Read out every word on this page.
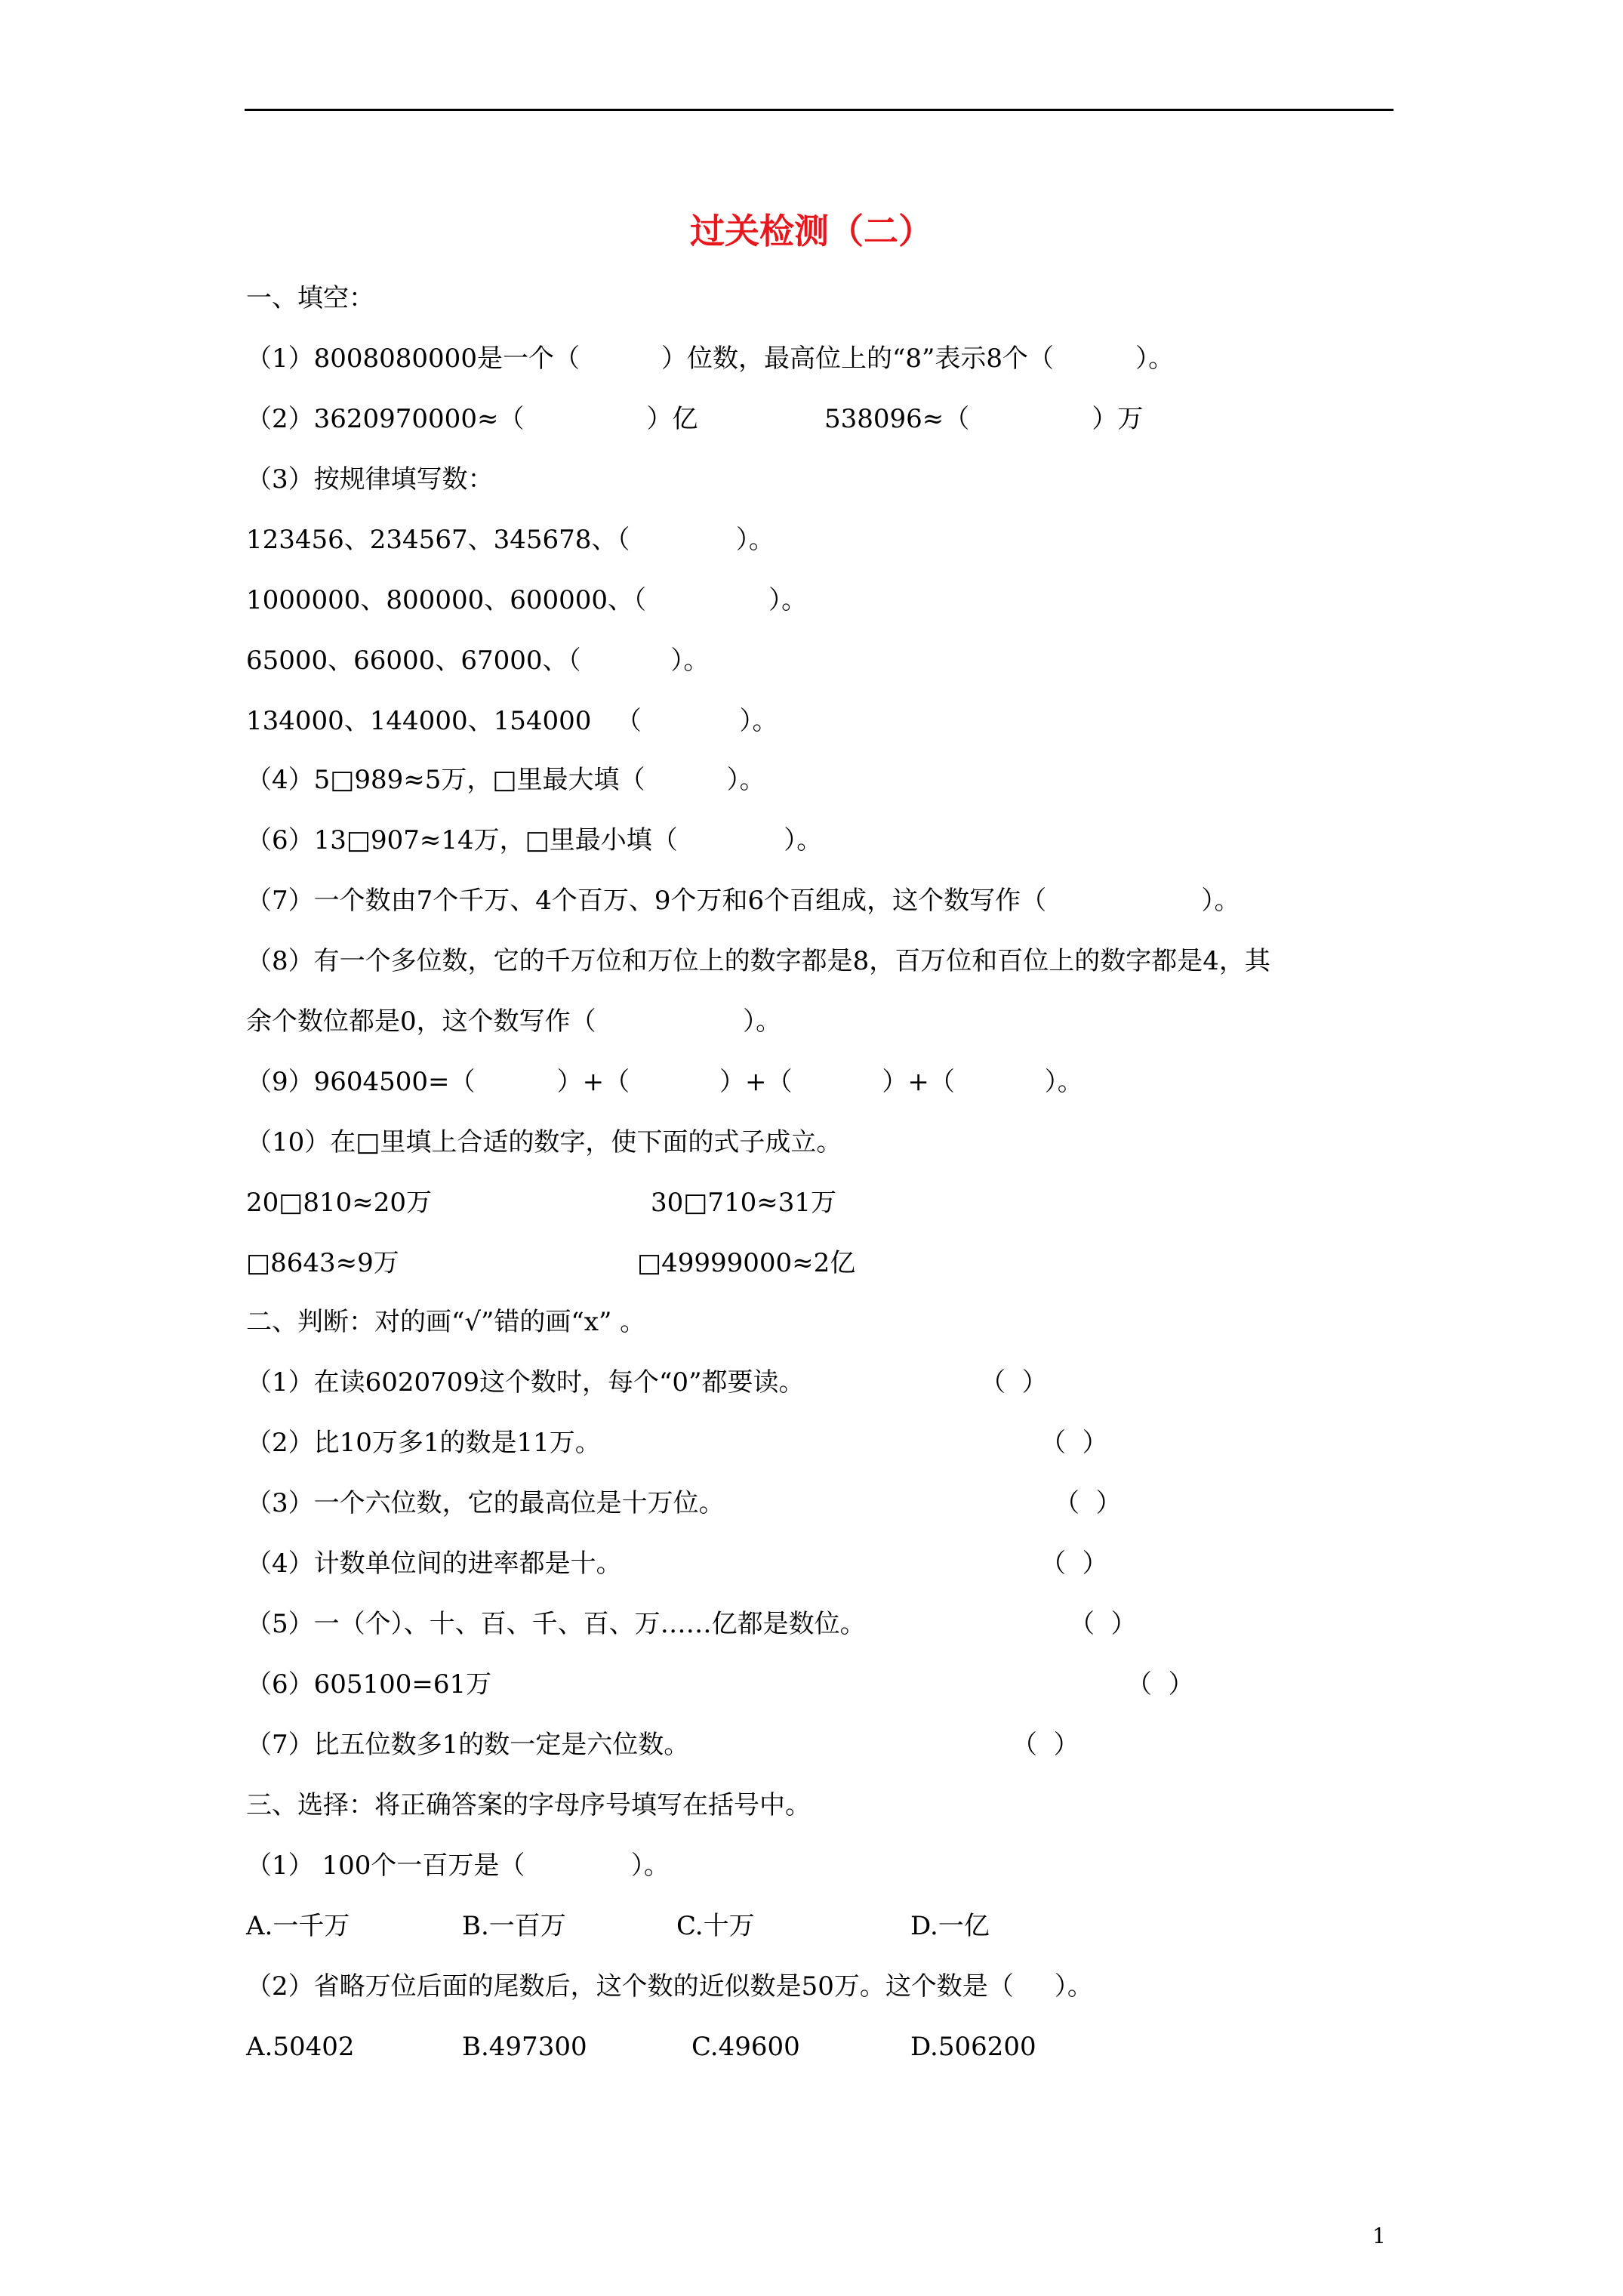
过关检测（二）
一、填空：
（1）8008080000是一个（          ）位数，最高位上的“8”表示8个（          ）。
（2）3620970000≈（               ）亿	538096≈（               ）万
（3）按规律填写数：
123456、234567、345678、（             ）。
1000000、800000、600000、（               ）。
65000、66000、67000、（           ）。
134000、144000、154000   （            ）。
（4）5□989≈5万，□里最大填（          ）。
（6）13□907≈14万，□里最小填（             ）。
（7）一个数由7个千万、4个百万、9个万和6个百组成，这个数写作（                   ）。
（8）有一个多位数，它的千万位和万位上的数字都是8，百万位和百位上的数字都是4，其
余个数位都是0，这个数写作（                  ）。
（9）9604500=（          ）+（           ）+（           ）+（           ）。
（10）在□里填上合适的数字，使下面的式子成立。
20□810≈20万	30□710≈31万
□8643≈9万	□49999000≈2亿
二、判断：对的画“√”错的画“x” 。
（1）在读6020709这个数时，每个“0”都要读。	（  ）
（2）比10万多1的数是11万。	（  ）
（3）一个六位数，它的最高位是十万位。	（  ）
（4）计数单位间的进率都是十。	（  ）
（5）一（个）、十、百、千、百、万……亿都是数位。	（  ）
（6）605100=61万	（  ）
（7）比五位数多1的数一定是六位数。	（  ）
三、选择：将正确答案的字母序号填写在括号中。
（1） 100个一百万是（             ）。
A.一千万	B.一百万	C.十万	D.一亿
（2）省略万位后面的尾数后，这个数的近似数是50万。这个数是（     ）。
A.50402	B.497300	C.49600	D.506200
1
